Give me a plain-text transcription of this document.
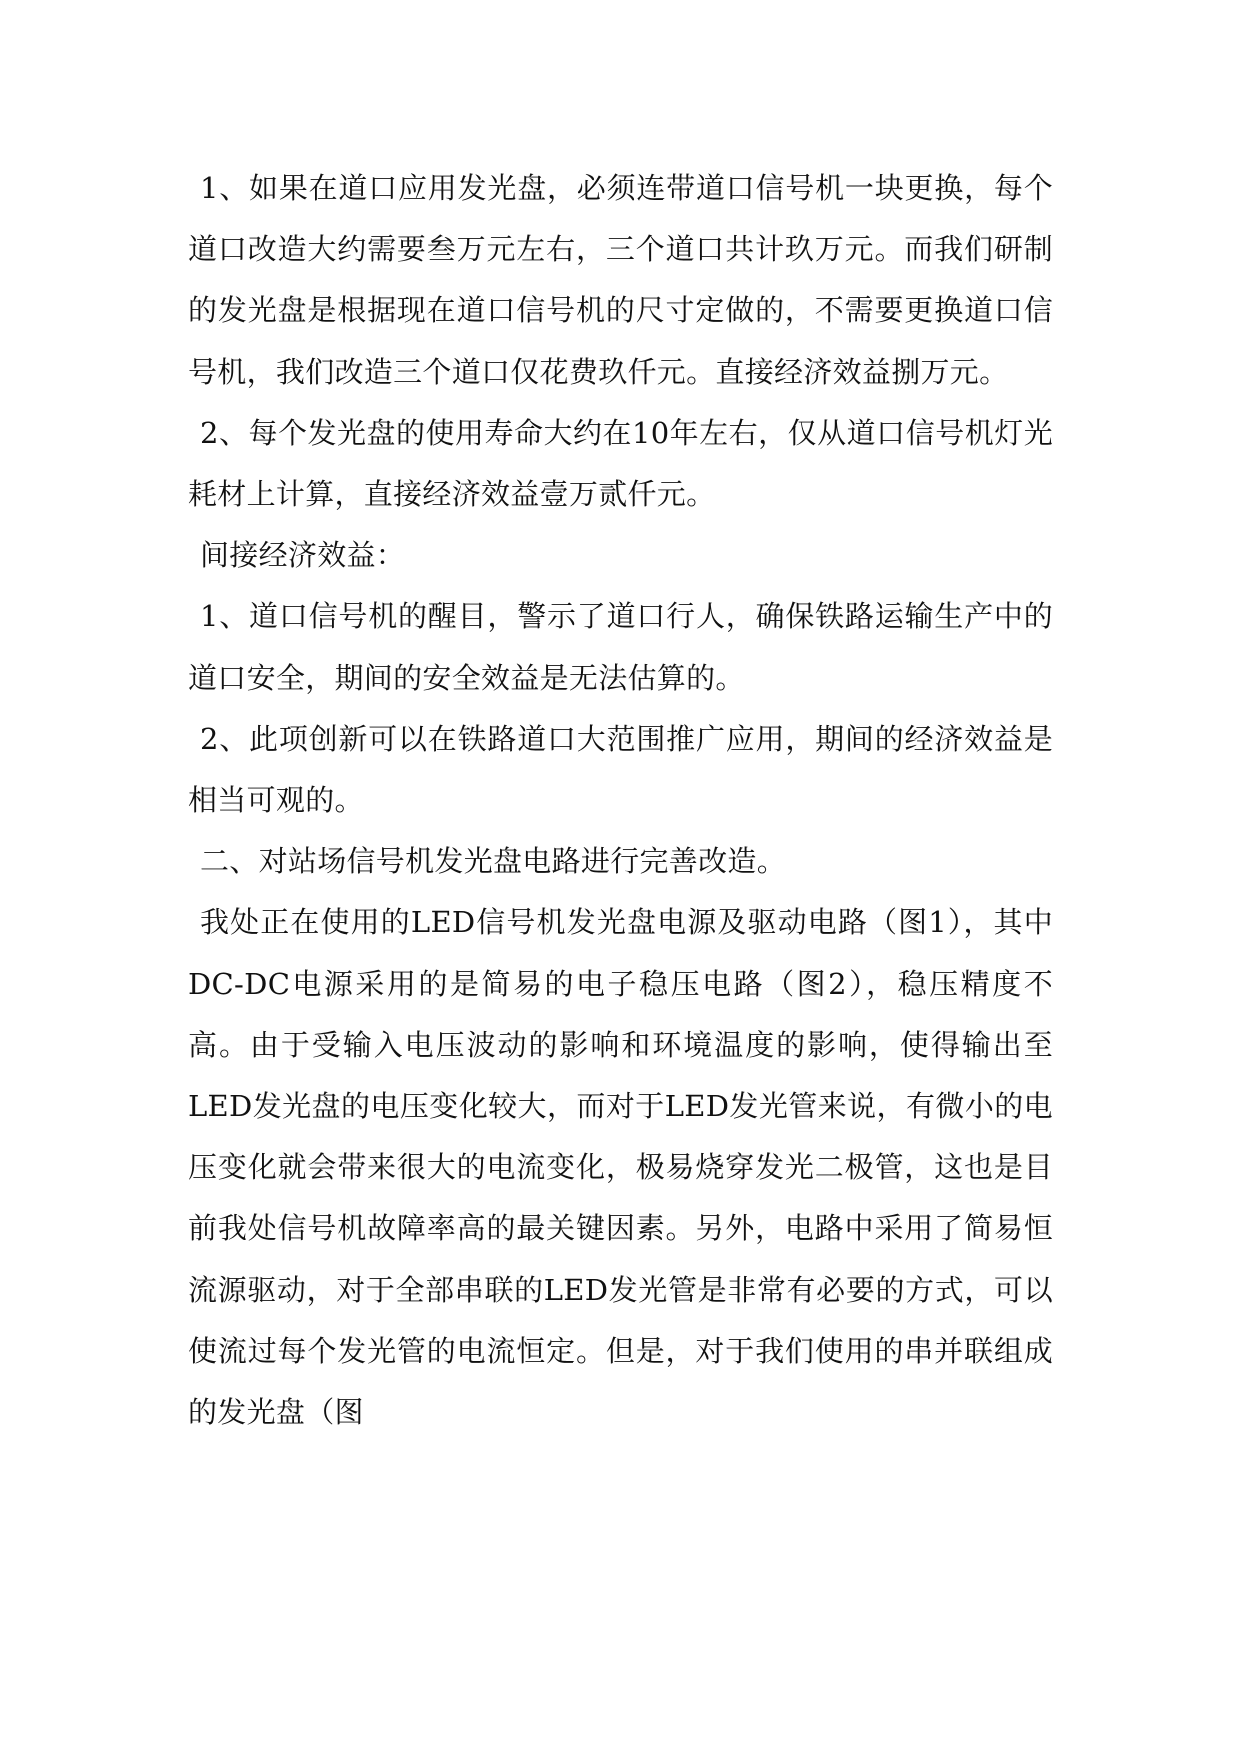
1、如果在道口应用发光盘，必须连带道口信号机一块更换，每个道口改造大约需要叁万元左右，三个道口共计玖万元。而我们研制的发光盘是根据现在道口信号机的尺寸定做的，不需要更换道口信号机，我们改造三个道口仅花费玖仟元。直接经济效益捌万元。

2、每个发光盘的使用寿命大约在10年左右，仅从道口信号机灯光耗材上计算，直接经济效益壹万贰仟元。

间接经济效益：

1、道口信号机的醒目，警示了道口行人，确保铁路运输生产中的道口安全，期间的安全效益是无法估算的。

2、此项创新可以在铁路道口大范围推广应用，期间的经济效益是相当可观的。

二、对站场信号机发光盘电路进行完善改造。

我处正在使用的LED信号机发光盘电源及驱动电路（图1），其中DC-DC电源采用的是简易的电子稳压电路（图2），稳压精度不高。由于受输入电压波动的影响和环境温度的影响，使得输出至LED发光盘的电压变化较大，而对于LED发光管来说，有微小的电压变化就会带来很大的电流变化，极易烧穿发光二极管，这也是目前我处信号机故障率高的最关键因素。另外，电路中采用了简易恒流源驱动，对于全部串联的LED发光管是非常有必要的方式，可以使流过每个发光管的电流恒定。但是，对于我们使用的串并联组成的发光盘（图
